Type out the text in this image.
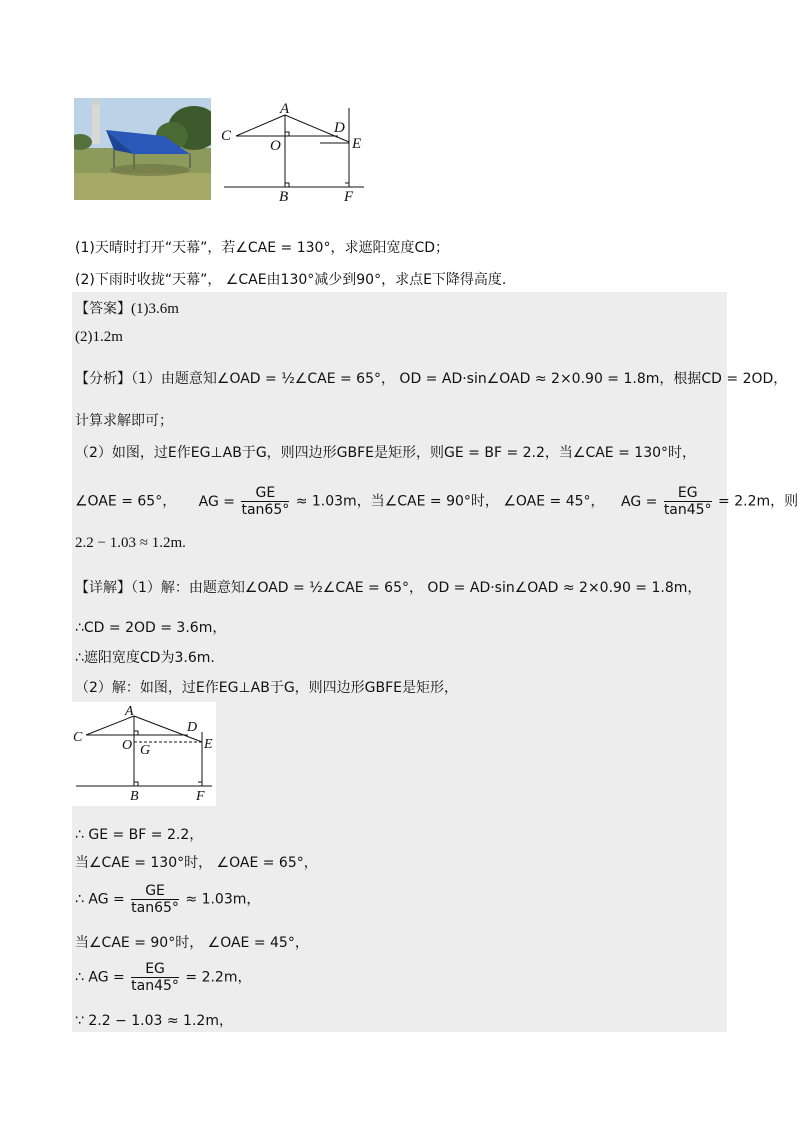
A
C
O
D
E
B	F
(1)天晴时打开“天幕”，若∠CAE = 130°，求遮阳宽度CD；
(2)下雨时收拢“天幕”， ∠CAE由130°减少到90°，求点E下降得高度.
【答案】(1)3.6m
(2)1.2m
【分析】（1）由题意知∠OAD = ½∠CAE = 65°， OD = AD·sin∠OAD ≈ 2×0.90 = 1.8m，根据CD = 2OD，
计算求解即可；
（2）如图，过E作EG⊥AB于G，则四边形GBFE是矩形，则GE = BF = 2.2，当∠CAE = 130°时，
∠OAE = 65°， AG = $\frac{GE}{\tan 65^\circ} \approx 1.03m$，当∠CAE = 90°时， ∠OAE = 45°， AG = $\frac{EG}{\tan 45^\circ} = 2.2m$，则
2.2 − 1.03 ≈ 1.2m.
【详解】（1）解：由题意知∠OAD = ½∠CAE = 65°， OD = AD·sin∠OAD ≈ 2×0.90 = 1.8m，
∴CD = 2OD = 3.6m，
∴遮阳宽度CD为3.6m.
（2）解：如图，过E作EG⊥AB于G，则四边形GBFE是矩形，
A
C
O G
D
E
B	F
∴ GE = BF = 2.2，
当∠CAE = 130°时， ∠OAE = 65°，
∴ AG = $\frac{GE}{\tan 65^\circ} \approx 1.03m$，
当∠CAE = 90°时， ∠OAE = 45°，
∴ AG = $\frac{EG}{\tan 45^\circ} = 2.2m$，
∵ 2.2 − 1.03 ≈ 1.2m，
